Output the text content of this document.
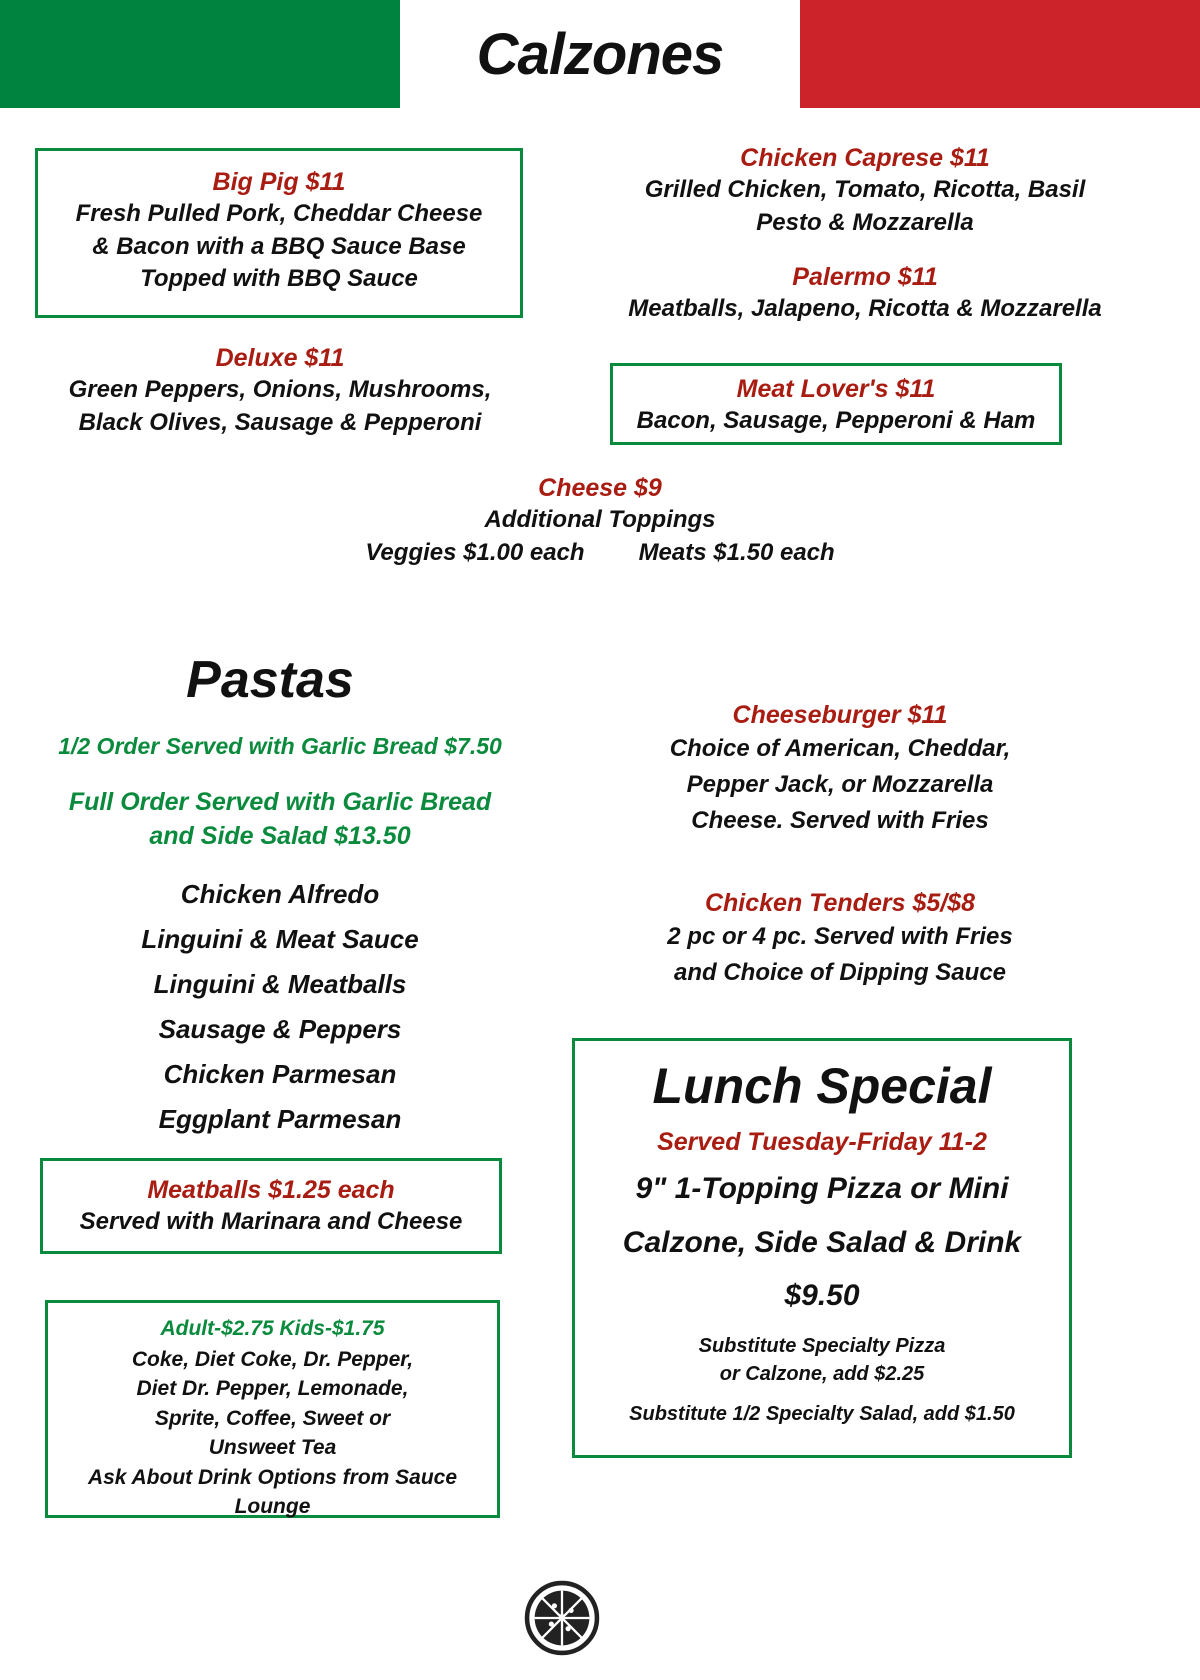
Calzones
Big Pig $11
Fresh Pulled Pork, Cheddar Cheese
& Bacon with a BBQ Sauce Base
Topped with BBQ Sauce
Chicken Caprese $11
Grilled Chicken, Tomato, Ricotta, Basil
Pesto & Mozzarella
Palermo $11
Meatballs, Jalapeno, Ricotta & Mozzarella
Deluxe $11
Green Peppers, Onions, Mushrooms,
Black Olives, Sausage & Pepperoni
Meat Lover's $11
Bacon, Sausage, Pepperoni & Ham
Cheese $9
Additional Toppings
Veggies $1.00 each Meats $1.50 each
Pastas
1/2 Order Served with Garlic Bread $7.50
Full Order Served with Garlic Bread
and Side Salad $13.50
Chicken Alfredo
Linguini & Meat Sauce
Linguini & Meatballs
Sausage & Peppers
Chicken Parmesan
Eggplant Parmesan
Meatballs $1.25 each
Served with Marinara and Cheese
Adult-$2.75 Kids-$1.75
Coke, Diet Coke, Dr. Pepper,
Diet Dr. Pepper, Lemonade,
Sprite, Coffee, Sweet or
Unsweet Tea
Ask About Drink Options from Sauce Lounge
Cheeseburger $11
Choice of American, Cheddar,
Pepper Jack, or Mozzarella
Cheese. Served with Fries
Chicken Tenders $5/$8
2 pc or 4 pc. Served with Fries
and Choice of Dipping Sauce
Lunch Special
Served Tuesday-Friday 11-2
9" 1-Topping Pizza or Mini
Calzone, Side Salad & Drink
$9.50
Substitute Specialty Pizza
or Calzone, add $2.25
Substitute 1/2 Specialty Salad, add $1.50
